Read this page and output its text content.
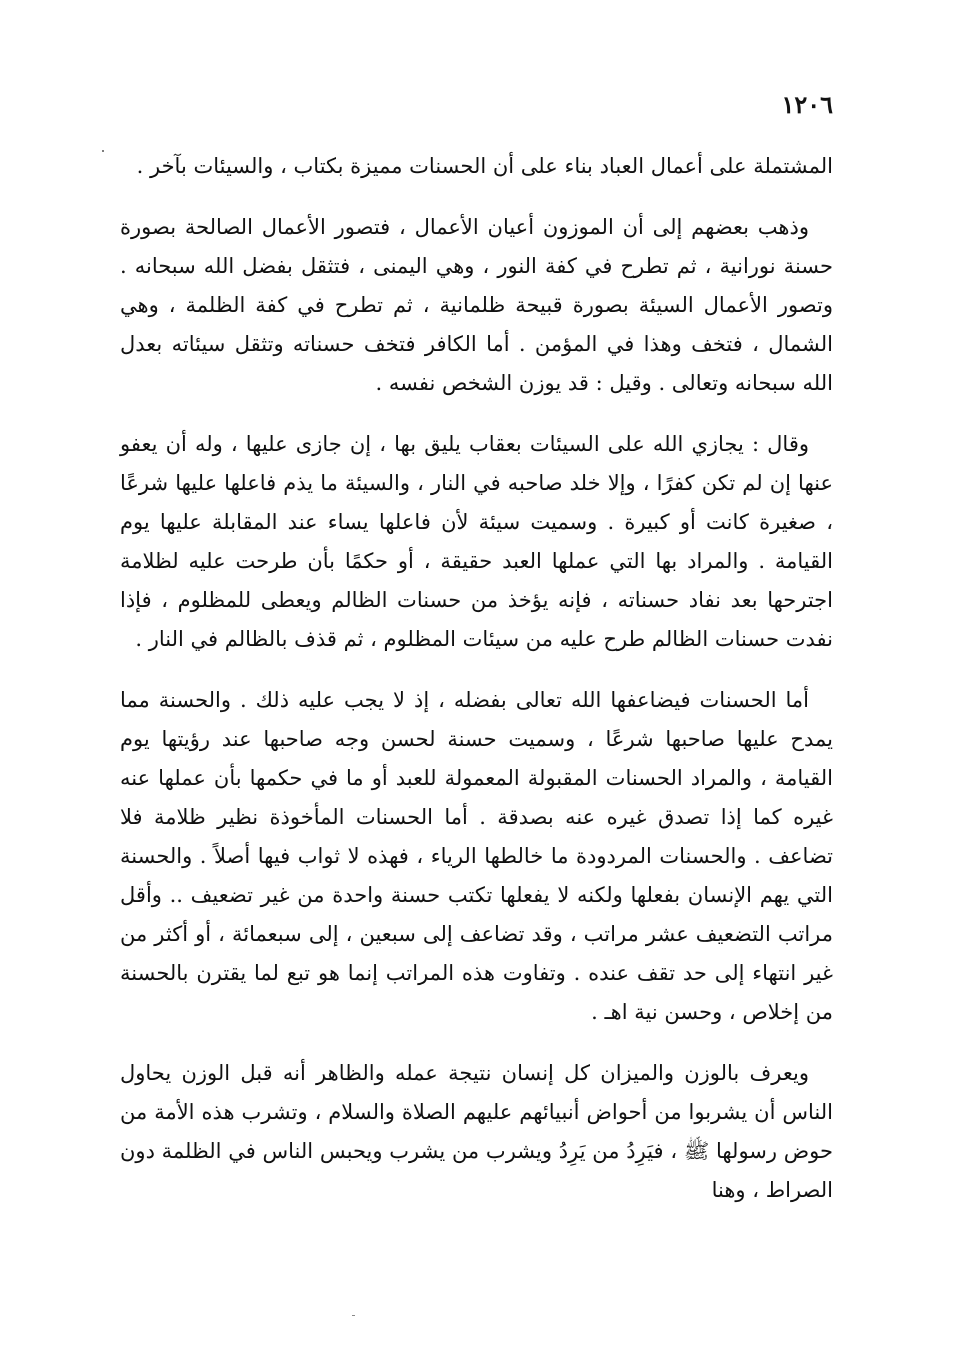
١٢٠٦

المشتملة على أعمال العباد بناء على أن الحسنات مميزة بكتاب ، والسيئات بآخر .

وذهب بعضهم إلى أن الموزون أعيان الأعمال ، فتصور الأعمال الصالحة بصورة حسنة نورانية ، ثم تطرح في كفة النور ، وهي اليمنى ، فتثقل بفضل الله سبحانه . وتصور الأعمال السيئة بصورة قبيحة ظلمانية ، ثم تطرح في كفة الظلمة ، وهي الشمال ، فتخف وهذا في المؤمن . أما الكافر فتخف حسناته وتثقل سيئاته بعدل الله سبحانه وتعالى . وقيل : قد يوزن الشخص نفسه .

وقال : يجازي الله على السيئات بعقاب يليق بها ، إن جازى عليها ، وله أن يعفو عنها إن لم تكن كفرًا ، وإلا خلد صاحبه في النار ، والسيئة ما يذم فاعلها عليها شرعًا ، صغيرة كانت أو كبيرة . وسميت سيئة لأن فاعلها يساء عند المقابلة عليها يوم القيامة . والمراد بها التي عملها العبد حقيقة ، أو حكمًا بأن طرحت عليه لظلامة اجترحها بعد نفاد حسناته ، فإنه يؤخذ من حسنات الظالم ويعطى للمظلوم ، فإذا نفدت حسنات الظالم طرح عليه من سيئات المظلوم ، ثم قذف بالظالم في النار .

أما الحسنات فيضاعفها الله تعالى بفضله ، إذ لا يجب عليه ذلك . والحسنة مما يمدح عليها صاحبها شرعًا ، وسميت حسنة لحسن وجه صاحبها عند رؤيتها يوم القيامة ، والمراد الحسنات المقبولة المعمولة للعبد أو ما في حكمها بأن عملها عنه غيره كما إذا تصدق غيره عنه بصدقة . أما الحسنات المأخوذة نظير ظلامة فلا تضاعف . والحسنات المردودة ما خالطها الرياء ، فهذه لا ثواب فيها أصلاً . والحسنة التي يهم الإنسان بفعلها ولكنه لا يفعلها تكتب حسنة واحدة من غير تضعيف .. وأقل مراتب التضعيف عشر مراتب ، وقد تضاعف إلى سبعين ، إلى سبعمائة ، أو أكثر من غير انتهاء إلى حد تقف عنده . وتفاوت هذه المراتب إنما هو تبع لما يقترن بالحسنة من إخلاص ، وحسن نية اهـ .

ويعرف بالوزن والميزان كل إنسان نتيجة عمله والظاهر أنه قبل الوزن يحاول الناس أن يشربوا من أحواض أنبيائهم عليهم الصلاة والسلام ، وتشرب هذه الأمة من حوض رسولها ﷺ ، فيَرِدُ من يَرِدُ ويشرب من يشرب ويحبس الناس في الظلمة دون الصراط ، وهنا
